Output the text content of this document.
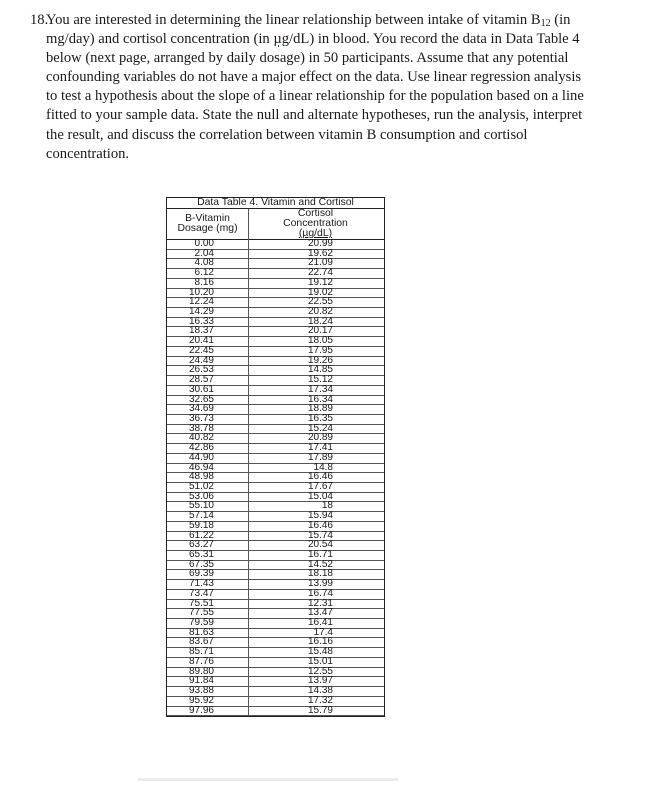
18.
You are interested in determining the linear relationship between intake of vitamin $B_{12}$ (in
mg/day) and cortisol concentration (in µg/dL) in blood. You record the data in Data Table 4
below (next page, arranged by daily dosage) in 50 participants. Assume that any potential
confounding variables do not have a major effect on the data. Use linear regression analysis
to test a hypothesis about the slope of a linear relationship for the population based on a line
fitted to your sample data. State the null and alternate hypotheses, run the analysis, interpret
the result, and discuss the correlation between vitamin B consumption and cortisol
concentration.
Data Table 4. Vitamin and Cortisol
B-Vitamin
Dosage (mg)
Cortisol
Concentration
(µg/dL)
0.00	20.99
2.04	19.62
4.08	21.09
6.12	22.74
8.16	19.12
10.20	19.02
12.24	22.55
14.29	20.82
16.33	18.24
18.37	20.17
20.41	18.05
22.45	17.95
24.49	19.26
26.53	14.85
28.57	15.12
30.61	17.34
32.65	16.34
34.69	18.89
36.73	16.35
38.78	15.24
40.82	20.89
42.86	17.41
44.90	17.89
46.94	14.8
48.98	16.46
51.02	17.67
53.06	15.04
55.10	18
57.14	15.94
59.18	16.46
61.22	15.74
63.27	20.54
65.31	16.71
67.35	14.52
69.39	18.18
71.43	13.99
73.47	16.74
75.51	12.31
77.55	13.47
79.59	16.41
81.63	17.4
83.67	16.16
85.71	15.48
87.76	15.01
89.80	12.55
91.84	13.97
93.88	14.38
95.92	17.32
97.96	15.79
